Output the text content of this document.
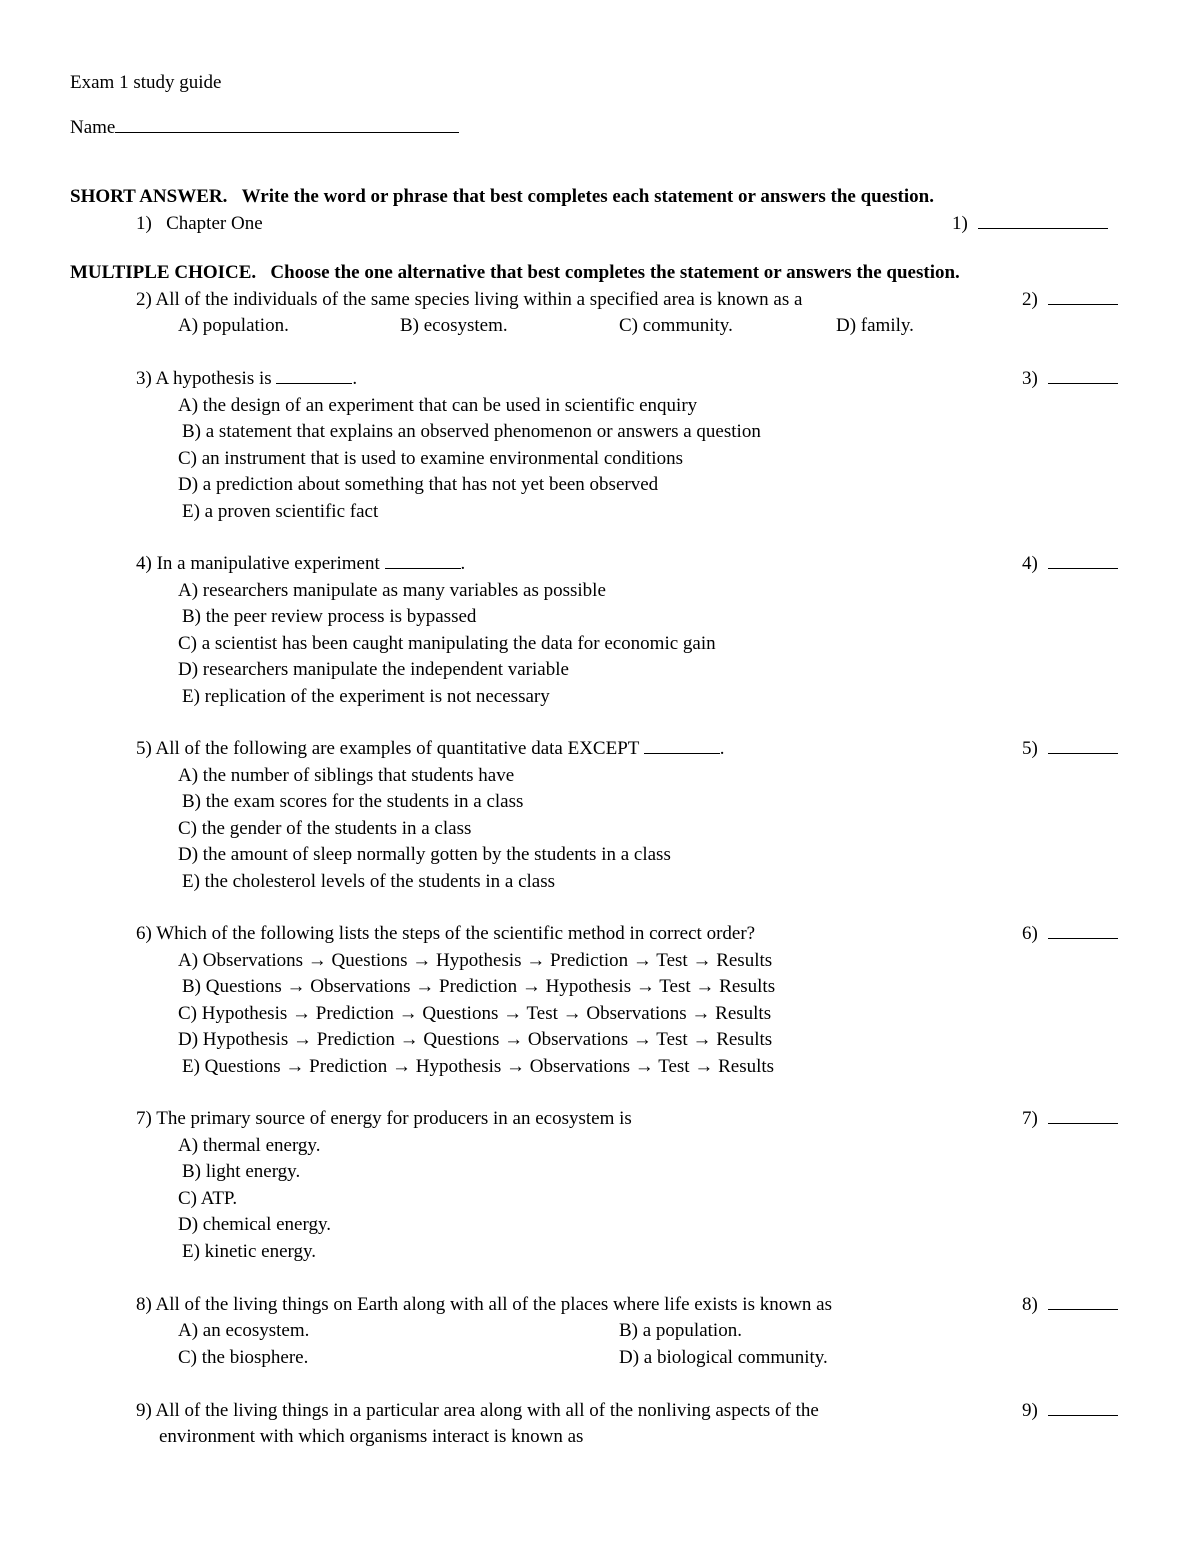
Exam 1 study guide
Name
SHORT ANSWER. Write the word or phrase that best completes each statement or answers the question.
1) Chapter One	1)
MULTIPLE CHOICE. Choose the one alternative that best completes the statement or answers the question.
2) All of the individuals of the same species living within a specified area is known as a	2)
A) population.	B) ecosystem.	C) community.	D) family.
3) A hypothesis is	.	3)
A) the design of an experiment that can be used in scientific enquiry
B) a statement that explains an observed phenomenon or answers a question
C) an instrument that is used to examine environmental conditions
D) a prediction about something that has not yet been observed
E) a proven scientific fact
4) In a manipulative experiment	.	4)
A) researchers manipulate as many variables as possible
B) the peer review process is bypassed
C) a scientist has been caught manipulating the data for economic gain
D) researchers manipulate the independent variable
E) replication of the experiment is not necessary
5) All of the following are examples of quantitative data EXCEPT	.	5)
A) the number of siblings that students have
B) the exam scores for the students in a class
C) the gender of the students in a class
D) the amount of sleep normally gotten by the students in a class
E) the cholesterol levels of the students in a class
6) Which of the following lists the steps of the scientific method in correct order?	6)
A) Observations → Questions → Hypothesis → Prediction → Test → Results
B) Questions → Observations → Prediction → Hypothesis → Test → Results
C) Hypothesis → Prediction → Questions → Test → Observations → Results
D) Hypothesis → Prediction → Questions → Observations → Test → Results
E) Questions → Prediction → Hypothesis → Observations → Test → Results
7) The primary source of energy for producers in an ecosystem is	7)
A) thermal energy.
B) light energy.
C) ATP.
D) chemical energy.
E) kinetic energy.
8) All of the living things on Earth along with all of the places where life exists is known as	8)
A) an ecosystem.	B) a population.
C) the biosphere.	D) a biological community.
9) All of the living things in a particular area along with all of the nonliving aspects of the
environment with which organisms interact is known as
9)
